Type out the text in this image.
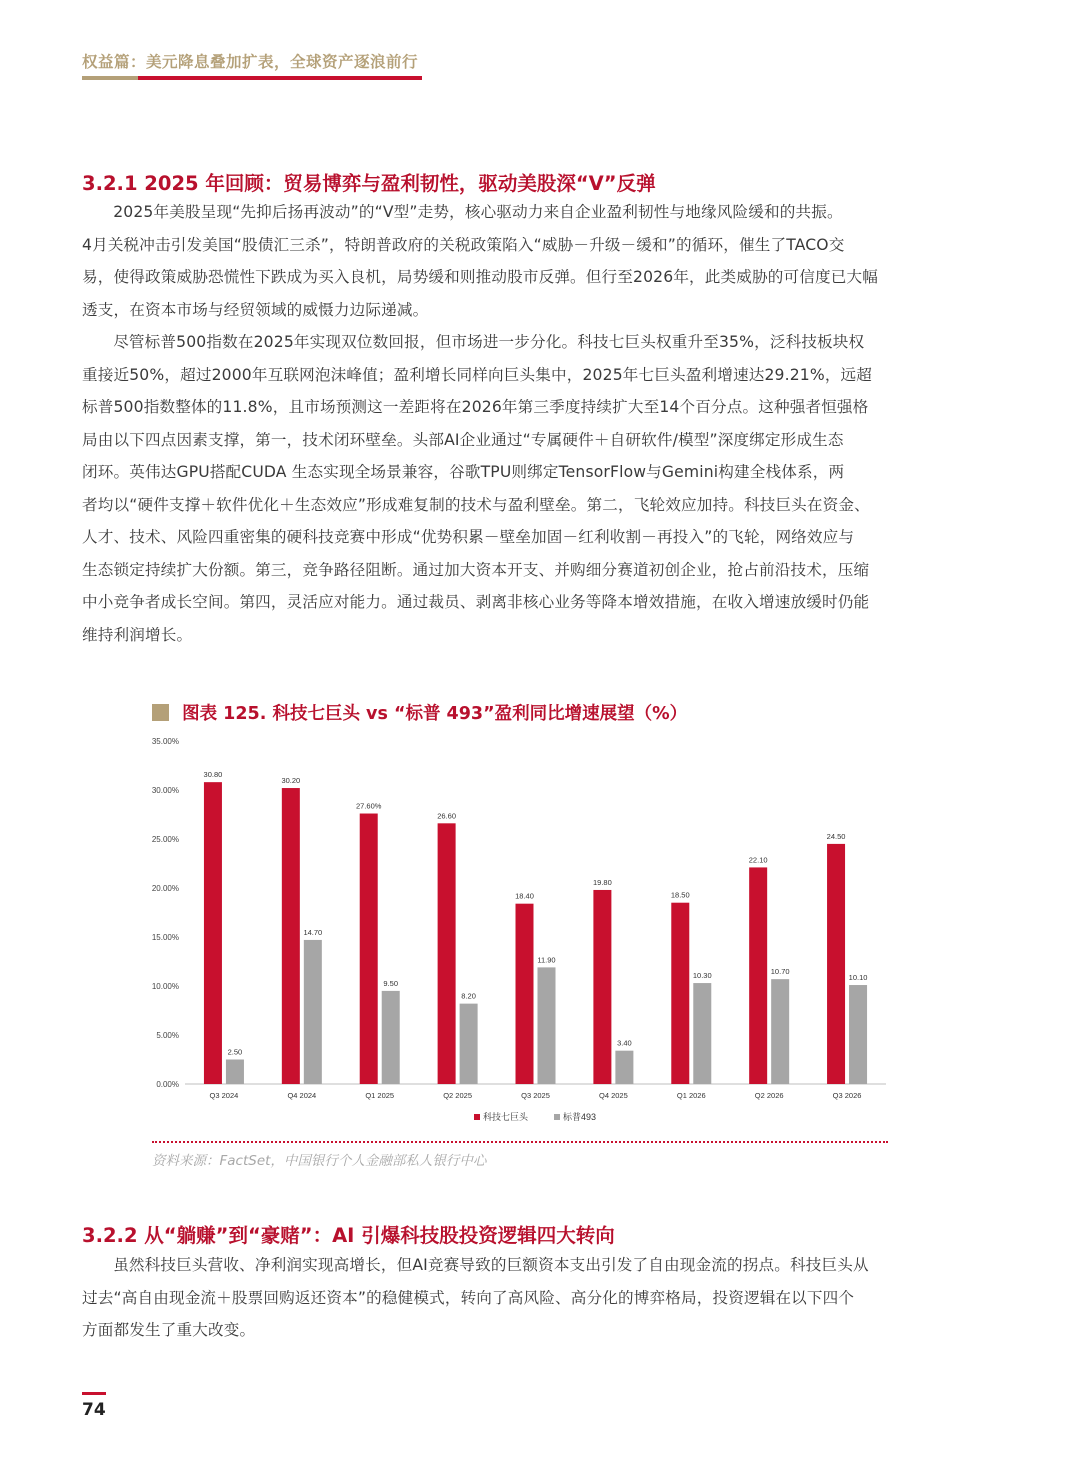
权益篇：美元降息叠加扩表，全球资产逐浪前行
3.2.1 2025 年回顾：贸易博弈与盈利韧性，驱动美股深“V”反弹
2025年美股呈现“先抑后扬再波动”的“V型”走势，核心驱动力来自企业盈利韧性与地缘风险缓和的共振。
4月关税冲击引发美国“股债汇三杀”，特朗普政府的关税政策陷入“威胁－升级－缓和”的循环，催生了TACO交
易，使得政策威胁恐慌性下跌成为买入良机，局势缓和则推动股市反弹。但行至2026年，此类威胁的可信度已大幅
透支，在资本市场与经贸领域的威慑力边际递减。
尽管标普500指数在2025年实现双位数回报，但市场进一步分化。科技七巨头权重升至35%，泛科技板块权
重接近50%，超过2000年互联网泡沫峰值；盈利增长同样向巨头集中，2025年七巨头盈利增速达29.21%，远超
标普500指数整体的11.8%，且市场预测这一差距将在2026年第三季度持续扩大至14个百分点。这种强者恒强格
局由以下四点因素支撑，第一，技术闭环壁垒。头部AI企业通过“专属硬件＋自研软件/模型”深度绑定形成生态
闭环。英伟达GPU搭配CUDA 生态实现全场景兼容，谷歌TPU则绑定TensorFlow与Gemini构建全栈体系，两
者均以“硬件支撑＋软件优化＋生态效应”形成难复制的技术与盈利壁垒。第二，飞轮效应加持。科技巨头在资金、
人才、技术、风险四重密集的硬科技竞赛中形成“优势积累－壁垒加固－红利收割－再投入”的飞轮，网络效应与
生态锁定持续扩大份额。第三，竞争路径阻断。通过加大资本开支、并购细分赛道初创企业，抢占前沿技术，压缩
中小竞争者成长空间。第四，灵活应对能力。通过裁员、剥离非核心业务等降本增效措施，在收入增速放缓时仍能
维持利润增长。
图表 125. 科技七巨头 vs “标普 493”盈利同比增速展望（%）
0.00%
5.00%
10.00%
15.00%
20.00%
25.00%
30.00%
35.00%
30.80
2.50
Q3 2024
30.20
14.70
Q4 2024
27.60%
9.50
Q1 2025
26.60
8.20
Q2 2025
18.40
11.90
Q3 2025
19.80
3.40
Q4 2025
18.50
10.30
Q1 2026
22.10
10.70
Q2 2026
24.50
10.10
Q3 2026
科技七巨头	标普493
资料来源：FactSet，中国银行个人金融部私人银行中心
3.2.2 从“躺赚”到“豪赌”：AI 引爆科技股投资逻辑四大转向
虽然科技巨头营收、净利润实现高增长，但AI竞赛导致的巨额资本支出引发了自由现金流的拐点。科技巨头从
过去“高自由现金流＋股票回购返还资本”的稳健模式，转向了高风险、高分化的博弈格局，投资逻辑在以下四个
方面都发生了重大改变。
74
